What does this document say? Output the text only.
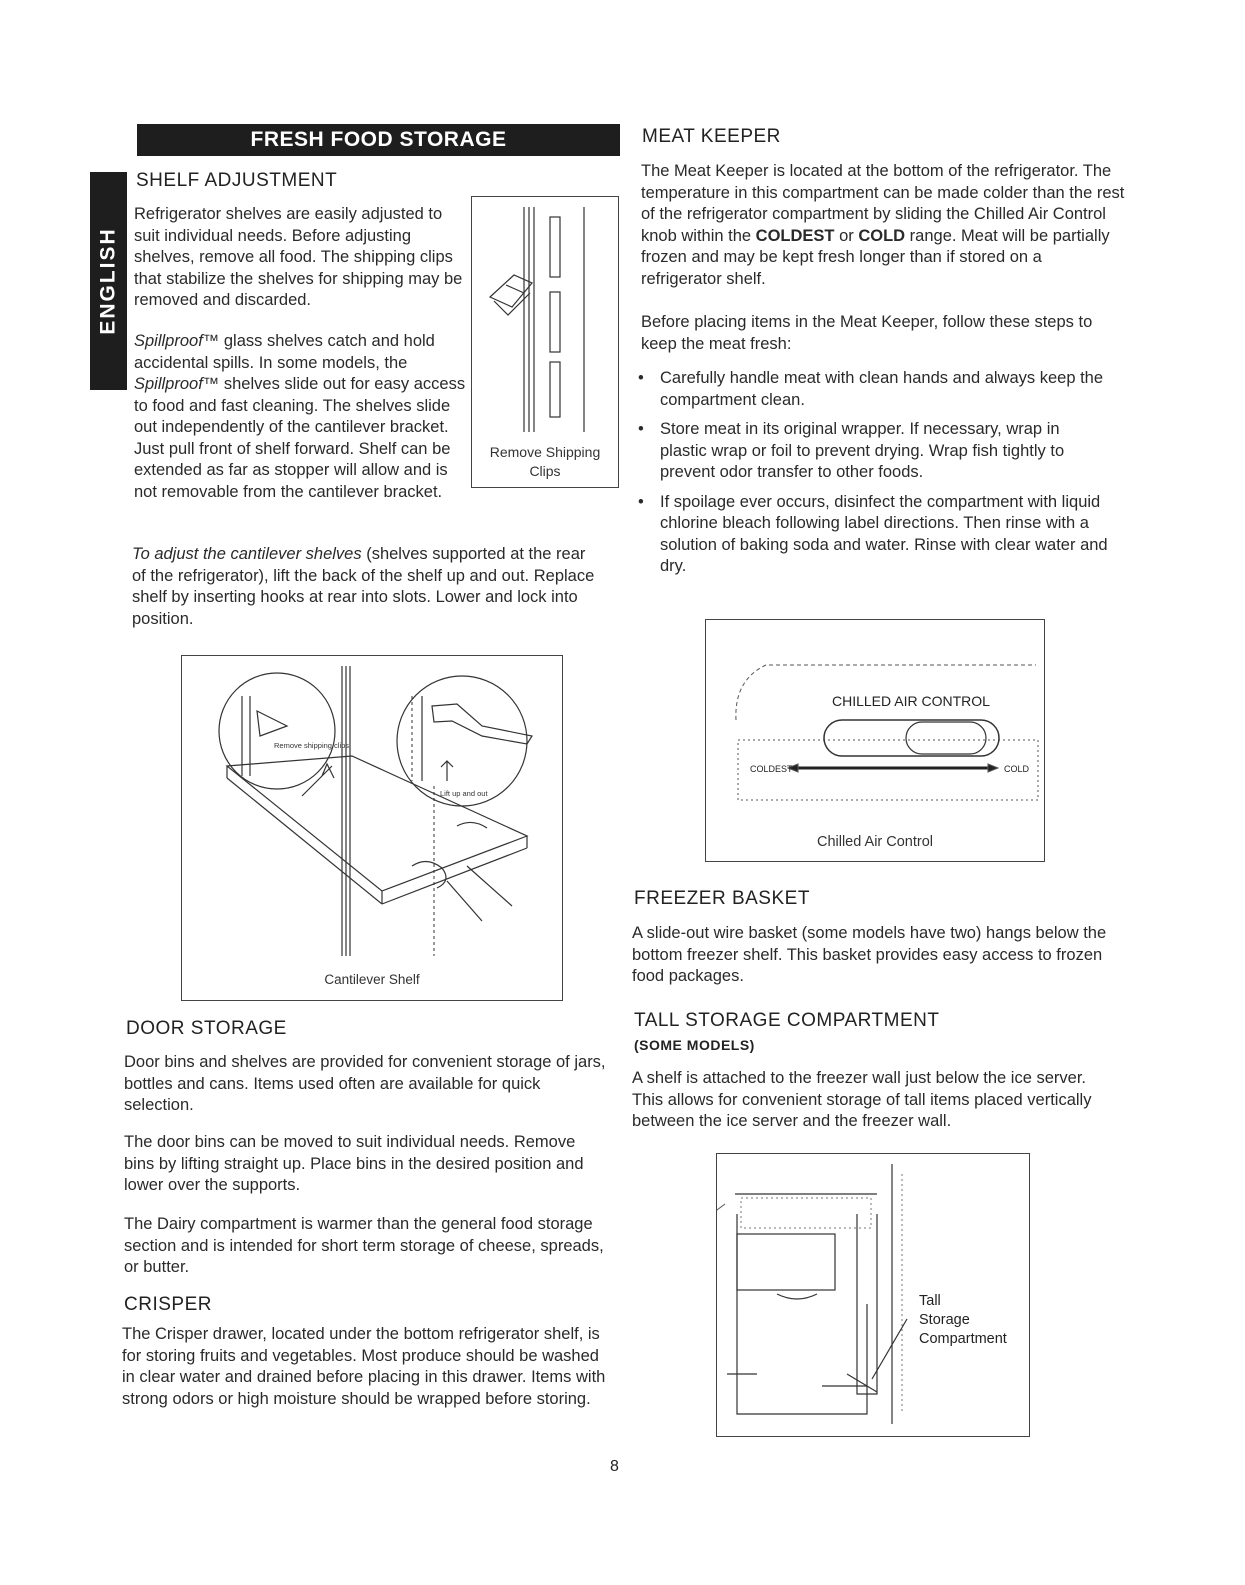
FRESH FOOD STORAGE
ENGLISH
SHELF ADJUSTMENT

Refrigerator shelves are easily adjusted to suit individual needs. Before adjusting shelves, remove all food. The shipping clips that stabilize the shelves for shipping may be removed and discarded.

Spillproof™ glass shelves catch and hold accidental spills. In some models, the Spillproof™ shelves slide out for easy access to food and fast cleaning. The shelves slide out independently of the cantilever bracket. Just pull front of shelf forward. Shelf can be extended as far as stopper will allow and is not removable from the cantilever bracket.

To adjust the cantilever shelves (shelves supported at the rear of the refrigerator), lift the back of the shelf up and out. Replace shelf by inserting hooks at rear into slots. Lower and lock into position.

Remove Shipping Clips
Remove shipping clips
Lift up and out
Cantilever Shelf
DOOR STORAGE

Door bins and shelves are provided for convenient storage of jars, bottles and cans. Items used often are available for quick selection.

The door bins can be moved to suit individual needs. Remove bins by lifting straight up. Place bins in the desired position and lower over the supports.

The Dairy compartment is warmer than the general food storage section and is intended for short term storage of cheese, spreads, or butter.

CRISPER

The Crisper drawer, located under the bottom refrigerator shelf, is for storing fruits and vegetables. Most produce should be washed in clear water and drained before placing in this drawer. Items with strong odors or high moisture should be wrapped before storing.

MEAT KEEPER

The Meat Keeper is located at the bottom of the refrigerator. The temperature in this compartment can be made colder than the rest of the refrigerator compartment by sliding the Chilled Air Control knob within the COLDEST or COLD range. Meat will be partially frozen and may be kept fresh longer than if stored on a refrigerator shelf.

Before placing items in the Meat Keeper, follow these steps to keep the meat fresh:

• Carefully handle meat with clean hands and always keep the compartment clean.
• Store meat in its original wrapper. If necessary, wrap in plastic wrap or foil to prevent drying. Wrap fish tightly to prevent odor transfer to other foods.
• If spoilage ever occurs, disinfect the compartment with liquid chlorine bleach following label directions. Then rinse with a solution of baking soda and water. Rinse with clear water and dry.
CHILLED AIR CONTROL
COLDEST	COLD
Chilled Air Control
FREEZER BASKET

A slide-out wire basket (some models have two) hangs below the bottom freezer shelf. This basket provides easy access to frozen food packages.

TALL STORAGE COMPARTMENT
(SOME MODELS)

A shelf is attached to the freezer wall just below the ice server. This allows for convenient storage of tall items placed vertically between the ice server and the freezer wall.

Tall
Storage
Compartment
8
